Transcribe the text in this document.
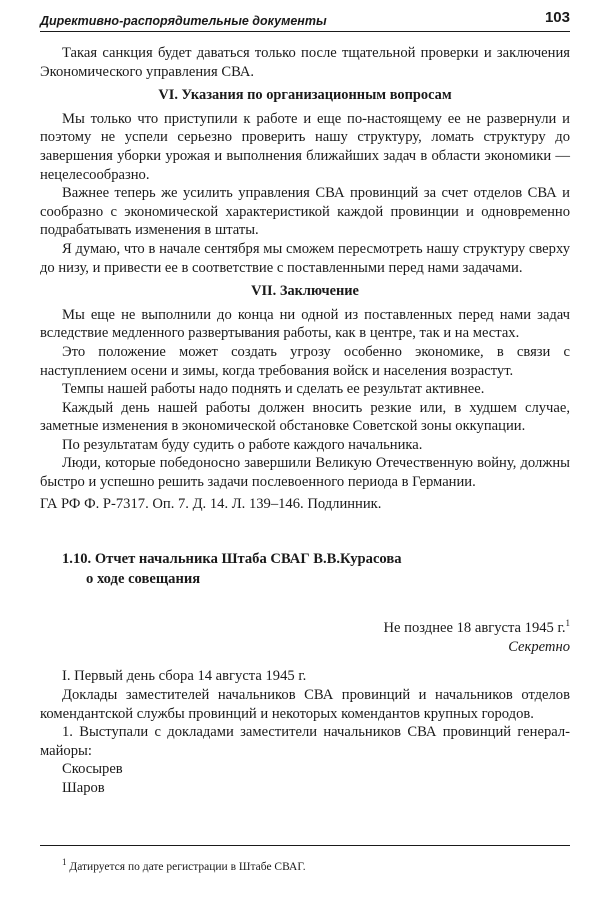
Директивно-распорядительные документы	103

Такая санкция будет даваться только после тщательной проверки и заключения Экономического управления СВА.

VI. Указания по организационным вопросам

Мы только что приступили к работе и еще по-настоящему ее не развернули и поэтому не успели серьезно проверить нашу структуру, ломать структуру до завершения уборки урожая и выполнения ближайших задач в области экономики — нецелесообразно.

Важнее теперь же усилить управления СВА провинций за счет отделов СВА и сообразно с экономической характеристикой каждой провинции и одновременно подрабатывать изменения в штаты.

Я думаю, что в начале сентября мы сможем пересмотреть нашу структуру сверху до низу, и привести ее в соответствие с поставленными перед нами задачами.

VII. Заключение

Мы еще не выполнили до конца ни одной из поставленных перед нами задач вследствие медленного развертывания работы, как в центре, так и на местах.

Это положение может создать угрозу особенно экономике, в связи с наступлением осени и зимы, когда требования войск и населения возрастут.

Темпы нашей работы надо поднять и сделать ее результат активнее.

Каждый день нашей работы должен вносить резкие или, в худшем случае, заметные изменения в экономической обстановке Советской зоны оккупации.

По результатам буду судить о работе каждого начальника.

Люди, которые победоносно завершили Великую Отечественную войну, должны быстро и успешно решить задачи послевоенного периода в Германии.

ГА РФ Ф. Р-7317. Оп. 7. Д. 14. Л. 139–146. Подлинник.

1.10. Отчет начальника Штаба СВАГ В.В.Курасова
о ходе совещания
Не позднее 18 августа 1945 г.$^1$
Секретно

I. Первый день сбора 14 августа 1945 г.

Доклады заместителей начальников СВА провинций и начальников отделов комендантской службы провинций и некоторых комендантов крупных городов.

1. Выступали с докладами заместители начальников СВА провинций генерал-майоры:

Скосырев

Шаров

$^1$ Датируется по дате регистрации в Штабе СВАГ.
